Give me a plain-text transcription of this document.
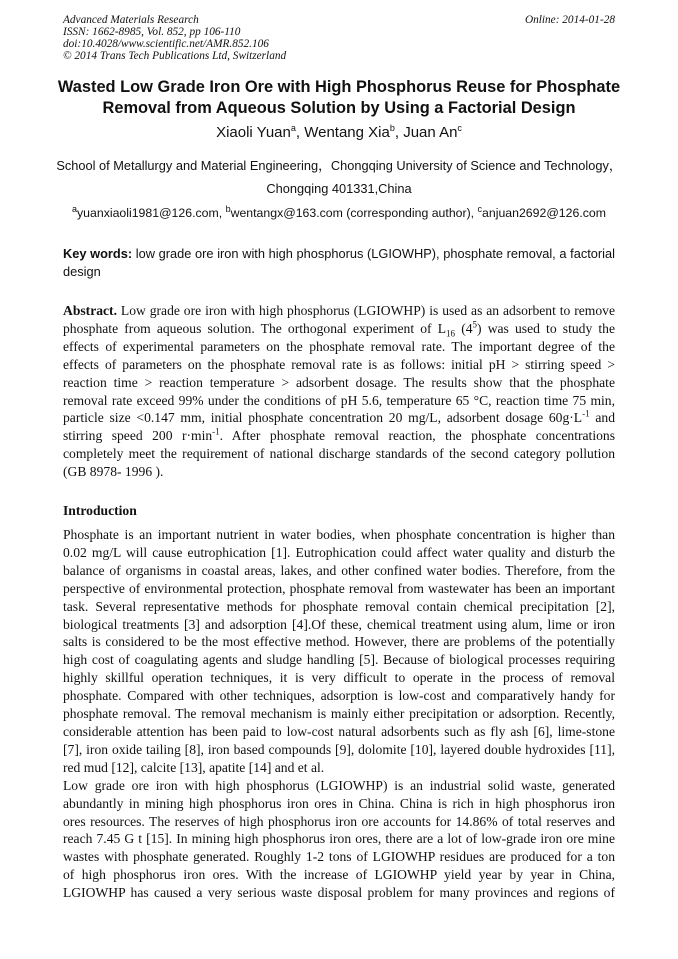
Advanced Materials Research
ISSN: 1662-8985, Vol. 852, pp 106-110
doi:10.4028/www.scientific.net/AMR.852.106
© 2014 Trans Tech Publications Ltd, Switzerland
Online: 2014-01-28
Wasted Low Grade Iron Ore with High Phosphorus Reuse for Phosphate
Removal from Aqueous Solution by Using a Factorial Design
Xiaoli Yuan$^a$, Wentang Xia$^b$, Juan An$^c$
School of Metallurgy and Material Engineering，Chongqing University of Science and Technology，
Chongqing 401331,China
$^a$yuanxiaoli1981@126.com, $^b$wentangx@163.com (corresponding author), $^c$anjuan2692@126.com
Key words: low grade ore iron with high phosphorus (LGIOWHP), phosphate removal, a factorial
design
Abstract. Low grade ore iron with high phosphorus (LGIOWHP) is used as an adsorbent to remove
phosphate from aqueous solution. The orthogonal experiment of $L_{16}$ $(4^5)$ was used to study the
effects of experimental parameters on the phosphate removal rate. The important degree of the
effects of parameters on the phosphate removal rate is as follows: initial pH > stirring speed >
reaction time > reaction temperature > adsorbent dosage. The results show that the phosphate
removal rate exceed 99% under the conditions of pH 5.6, temperature 65 °C, reaction time 75 min,
particle size <0.147 mm, initial phosphate concentration 20 mg/L, adsorbent dosage $60g\cdot L^{-1}$ and
stirring speed 200 $r\cdot\min^{-1}$. After phosphate removal reaction, the phosphate concentrations
completely meet the requirement of national discharge standards of the second category pollution
(GB 8978- 1996 ).
Introduction
Phosphate is an important nutrient in water bodies, when phosphate concentration is higher than
0.02 mg/L will cause eutrophication [1]. Eutrophication could affect water quality and disturb the
balance of organisms in coastal areas, lakes, and other confined water bodies. Therefore, from the
perspective of environmental protection, phosphate removal from wastewater has been an important
task. Several representative methods for phosphate removal contain chemical precipitation [2],
biological treatments [3] and adsorption [4].Of these, chemical treatment using alum, lime or iron
salts is considered to be the most effective method. However, there are problems of the potentially
high cost of coagulating agents and sludge handling [5]. Because of biological processes requiring
highly skillful operation techniques, it is very difficult to operate in the process of removal
phosphate. Compared with other techniques, adsorption is low-cost and comparatively handy for
phosphate removal. The removal mechanism is mainly either precipitation or adsorption. Recently,
considerable attention has been paid to low-cost natural adsorbents such as fly ash [6], lime-stone
[7], iron oxide tailing [8], iron based compounds [9], dolomite [10], layered double hydroxides [11],
red mud [12], calcite [13], apatite [14] and et al.
Low grade ore iron with high phosphorus (LGIOWHP) is an industrial solid waste, generated
abundantly in mining high phosphorus iron ores in China. China is rich in high phosphorus iron
ores resources. The reserves of high phosphorus iron ore accounts for 14.86% of total reserves and
reach 7.45 G t [15]. In mining high phosphorus iron ores, there are a lot of low-grade iron ore mine
wastes with phosphate generated. Roughly 1-2 tons of LGIOWHP residues are produced for a ton
of high phosphorus iron ores. With the increase of LGIOWHP yield year by year in China,
LGIOWHP has caused a very serious waste disposal problem for many provinces and regions of
